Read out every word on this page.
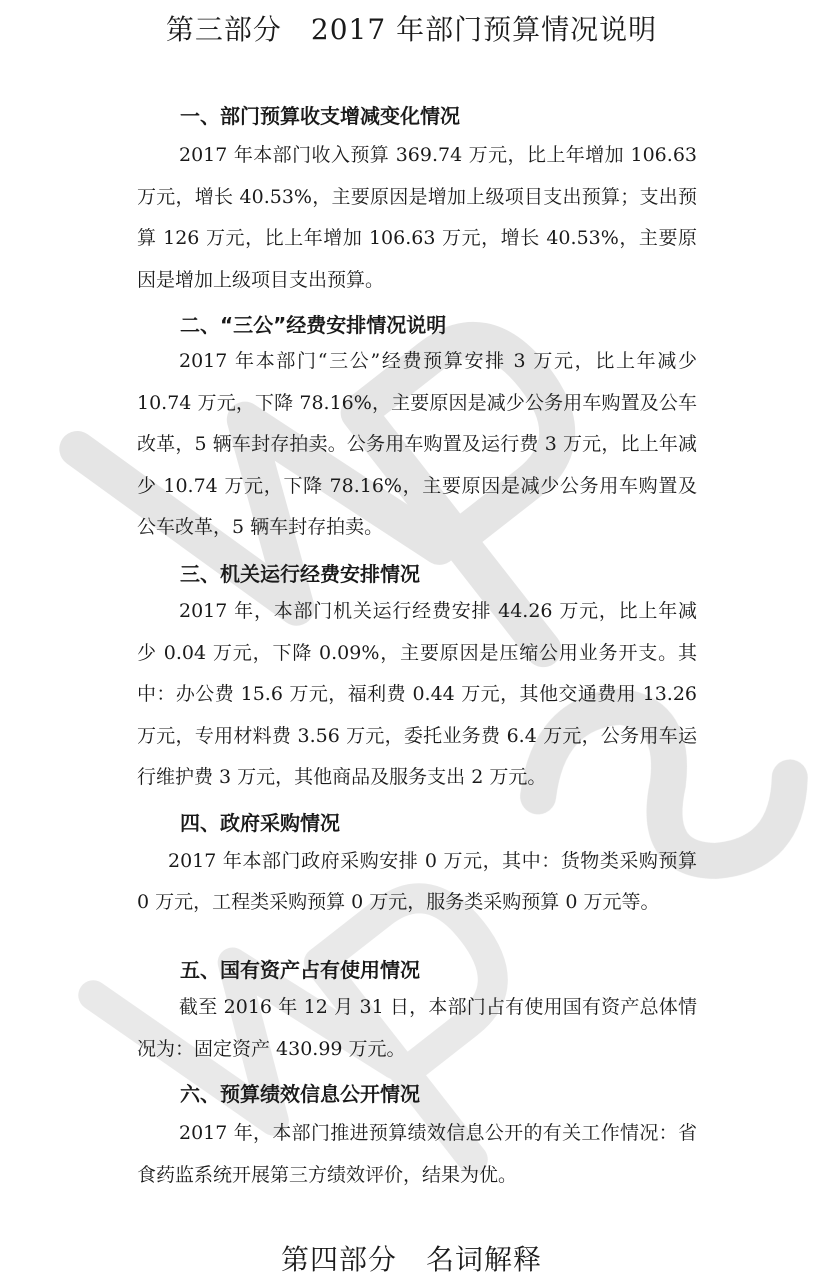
第三部分　2017 年部门预算情况说明
一、部门预算收支增减变化情况
2017 年本部门收入预算 369.74 万元，比上年增加 106.63 万元，增长 40.53%，主要原因是增加上级项目支出预算；支出预算 126 万元，比上年增加 106.63 万元，增长 40.53%，主要原因是增加上级项目支出预算。
二、“三公”经费安排情况说明
2017 年本部门“三公”经费预算安排 3 万元，比上年减少 10.74 万元，下降 78.16%，主要原因是减少公务用车购置及公车改革，5 辆车封存拍卖。公务用车购置及运行费 3 万元，比上年减少 10.74 万元，下降 78.16%，主要原因是减少公务用车购置及公车改革，5 辆车封存拍卖。
三、机关运行经费安排情况
2017 年，本部门机关运行经费安排 44.26 万元，比上年减少 0.04 万元，下降 0.09%，主要原因是压缩公用业务开支。其中：办公费 15.6 万元，福利费 0.44 万元，其他交通费用 13.26 万元，专用材料费 3.56 万元，委托业务费 6.4 万元，公务用车运行维护费 3 万元，其他商品及服务支出 2 万元。
四、政府采购情况
2017 年本部门政府采购安排 0 万元，其中：货物类采购预算 0 万元，工程类采购预算 0 万元，服务类采购预算 0 万元等。
五、国有资产占有使用情况
截至 2016 年 12 月 31 日，本部门占有使用国有资产总体情况为：固定资产 430.99 万元。
六、预算绩效信息公开情况
2017 年，本部门推进预算绩效信息公开的有关工作情况：省食药监系统开展第三方绩效评价，结果为优。
第四部分　名词解释
